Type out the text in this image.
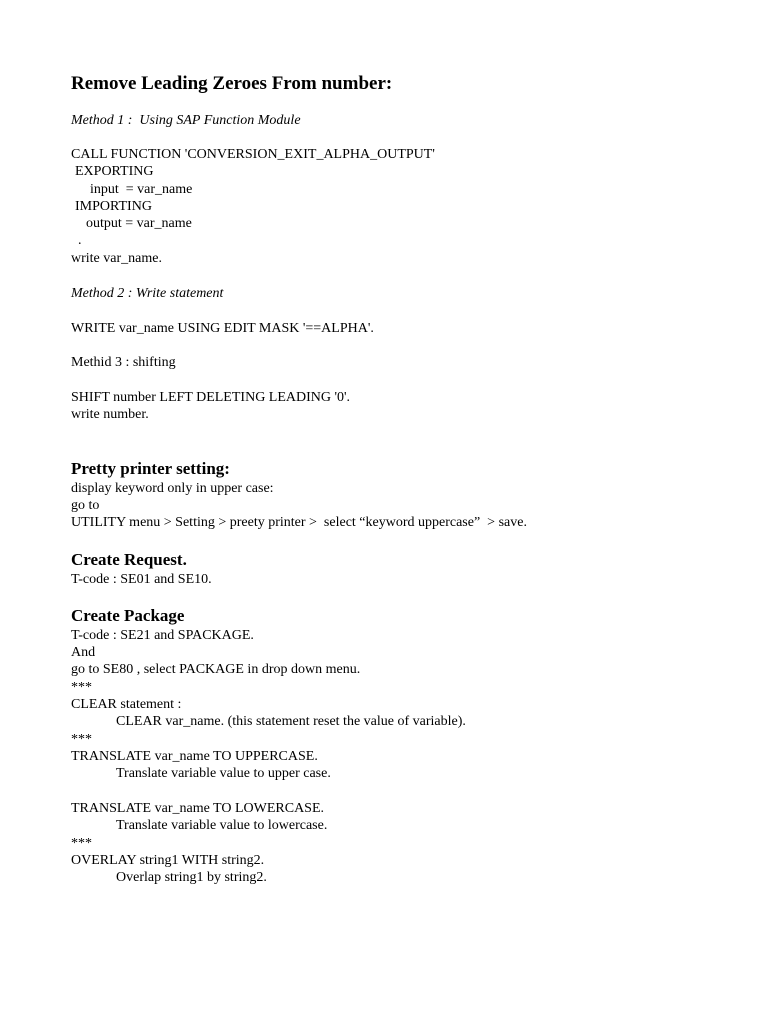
Remove Leading Zeroes From number:
Method 1 :  Using SAP Function Module
CALL FUNCTION 'CONVERSION_EXIT_ALPHA_OUTPUT'
EXPORTING
input  = var_name
IMPORTING
output = var_name
.
write var_name.
Method 2 : Write statement
WRITE var_name USING EDIT MASK '==ALPHA'.
Methid 3 : shifting
SHIFT number LEFT DELETING LEADING '0'.
write number.
Pretty printer setting:
display keyword only in upper case:
go to
UTILITY menu > Setting > preety printer >  select “keyword uppercase”  > save.
Create Request.
T-code : SE01 and SE10.
Create Package
T-code : SE21 and SPACKAGE.
And
go to SE80 , select PACKAGE in drop down menu.
***
CLEAR statement :
CLEAR var_name. (this statement reset the value of variable).
***
TRANSLATE var_name TO UPPERCASE.
Translate variable value to upper case.
TRANSLATE var_name TO LOWERCASE.
Translate variable value to lowercase.
***
OVERLAY string1 WITH string2.
Overlap string1 by string2.
